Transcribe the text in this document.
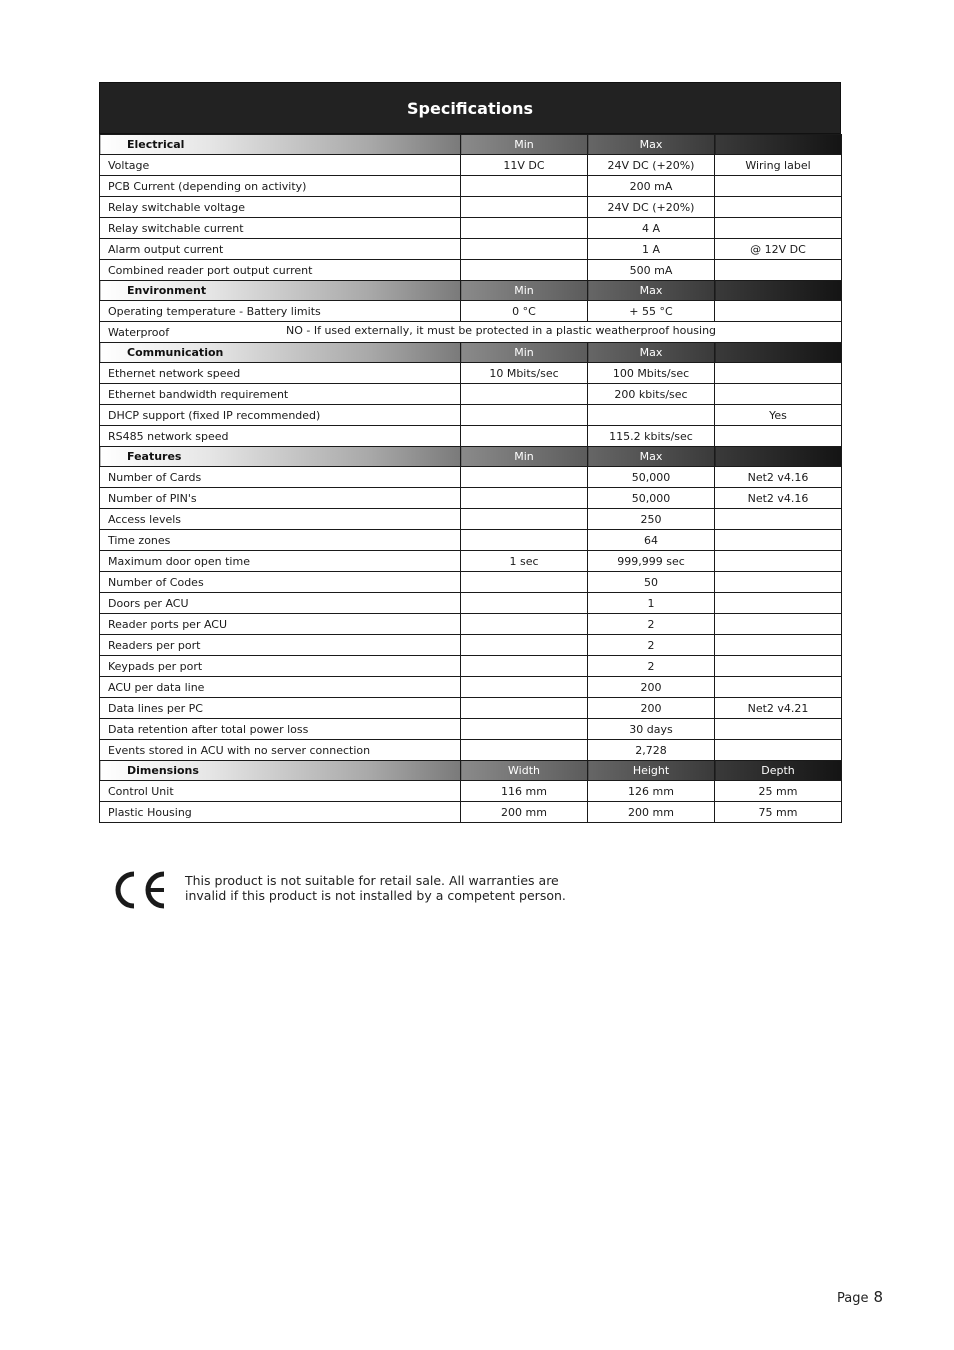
Specifications
Electrical	Min	Max	
Voltage	11V DC	24V DC (+20%)	Wiring label
PCB Current (depending on activity)		200 mA	
Relay switchable voltage		24V DC (+20%)	
Relay switchable current		4 A	
Alarm output current		1 A	@ 12V DC
Combined reader port output current		500 mA	
Environment	Min	Max	
Operating temperature - Battery limits	0 °C	+ 55 °C	
Waterproof NO - If used externally, it must be protected in a plastic weatherproof housing			

Communication	Min	Max	
Ethernet network speed	10 Mbits/sec	100 Mbits/sec	
Ethernet bandwidth requirement		200 kbits/sec	
DHCP support (fixed IP recommended)			Yes
RS485 network speed		115.2 kbits/sec	
Features	Min	Max	
Number of Cards		50,000	Net2 v4.16
Number of PIN's		50,000	Net2 v4.16
Access levels		250	
Time zones		64	
Maximum door open time	1 sec	999,999 sec	
Number of Codes		50	
Doors per ACU		1	
Reader ports per ACU		2	
Readers per port		2	
Keypads per port		2	
ACU per data line		200	
Data lines per PC		200	Net2 v4.21
Data retention after total power loss		30 days	
Events stored in ACU with no server connection		2,728	
Dimensions	Width	Height	Depth
Control Unit	116 mm	126 mm	25 mm
Plastic Housing	200 mm	200 mm	75 mm
This product is not suitable for retail sale. All warranties are
invalid if this product is not installed by a competent person.
Page 8
